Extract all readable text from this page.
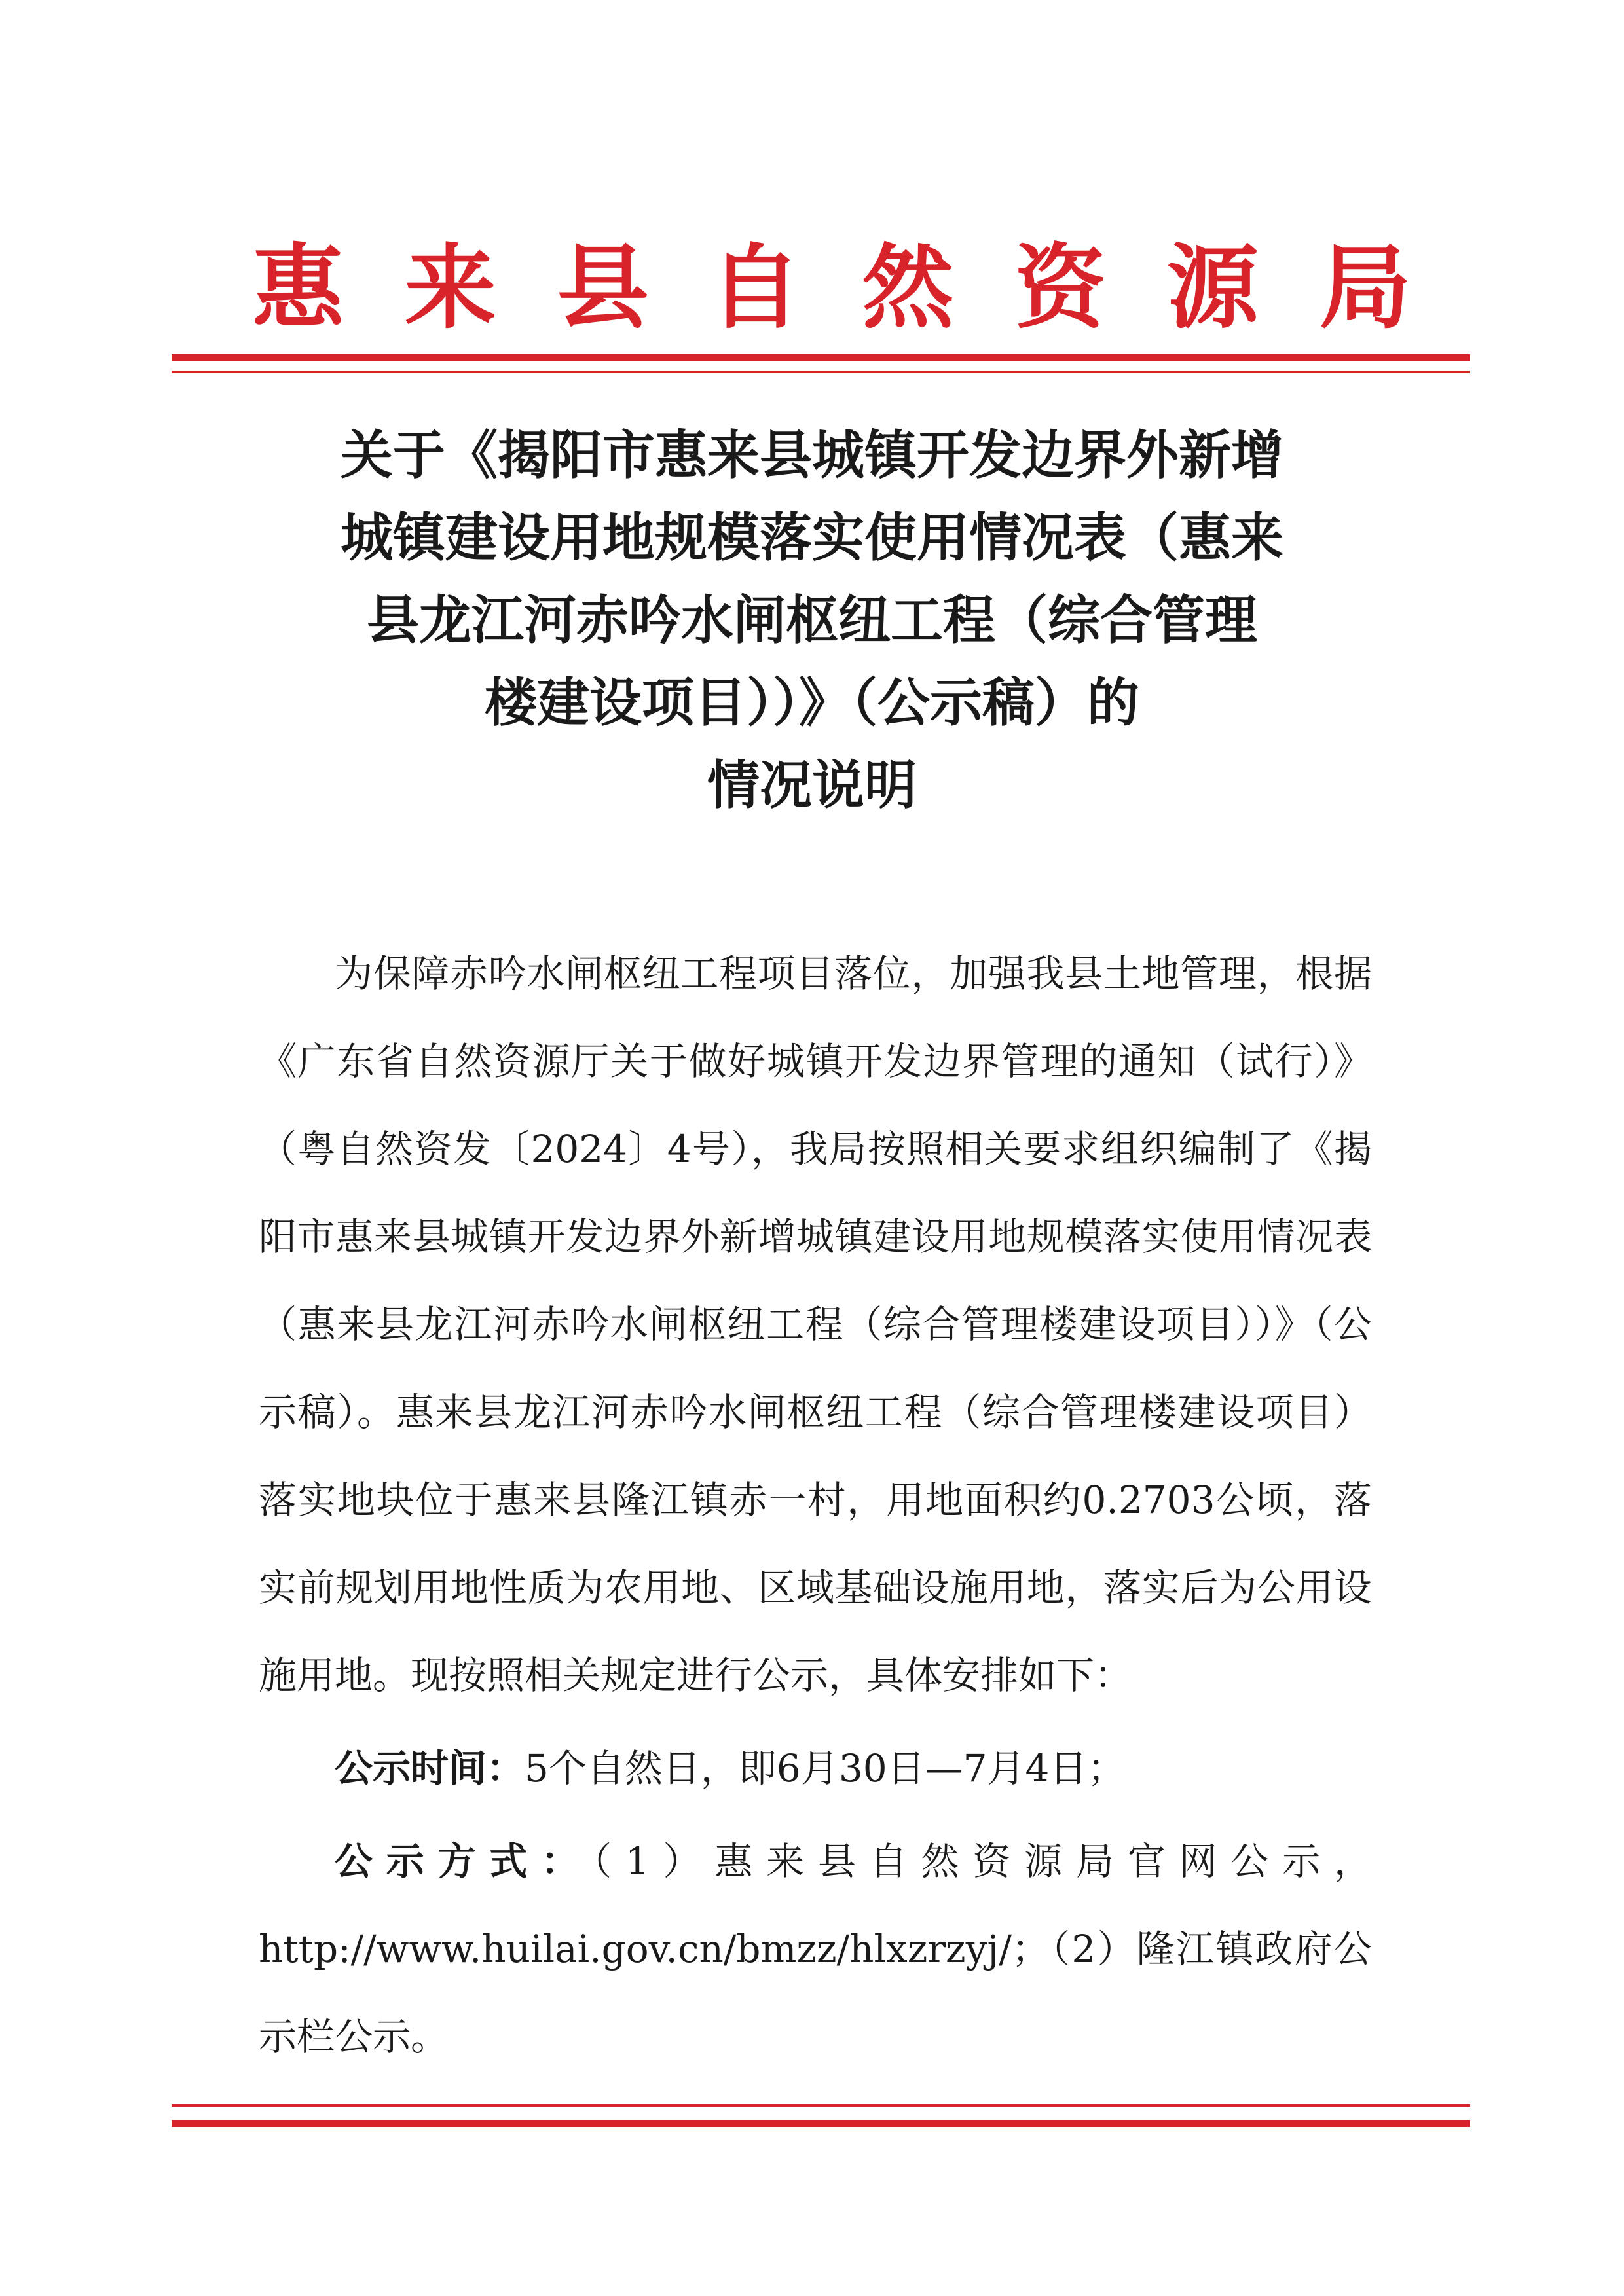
惠 来 县 自 然 资 源 局
关于《揭阳市惠来县城镇开发边界外新增
城镇建设用地规模落实使用情况表（惠来
县龙江河赤吟水闸枢纽工程（综合管理
楼建设项目））》（公示稿）的
情况说明

为保障赤吟水闸枢纽工程项目落位，加强我县土地管理，根据《广东省自然资源厅关于做好城镇开发边界管理的通知（试行）》（粤自然资发〔2024〕4号），我局按照相关要求组织编制了《揭阳市惠来县城镇开发边界外新增城镇建设用地规模落实使用情况表（惠来县龙江河赤吟水闸枢纽工程（综合管理楼建设项目））》（公示稿）。惠来县龙江河赤吟水闸枢纽工程（综合管理楼建设项目）落实地块位于惠来县隆江镇赤一村，用地面积约0.2703公顷，落实前规划用地性质为农用地、区域基础设施用地，落实后为公用设施用地。现按照相关规定进行公示，具体安排如下：

公示时间：5个自然日，即6月30日—7月4日；

公示方式：（1）惠来县自然资源局官网公示，http://www.huilai.gov.cn/bmzz/hlxzrzyj/；（2）隆江镇政府公示栏公示。
